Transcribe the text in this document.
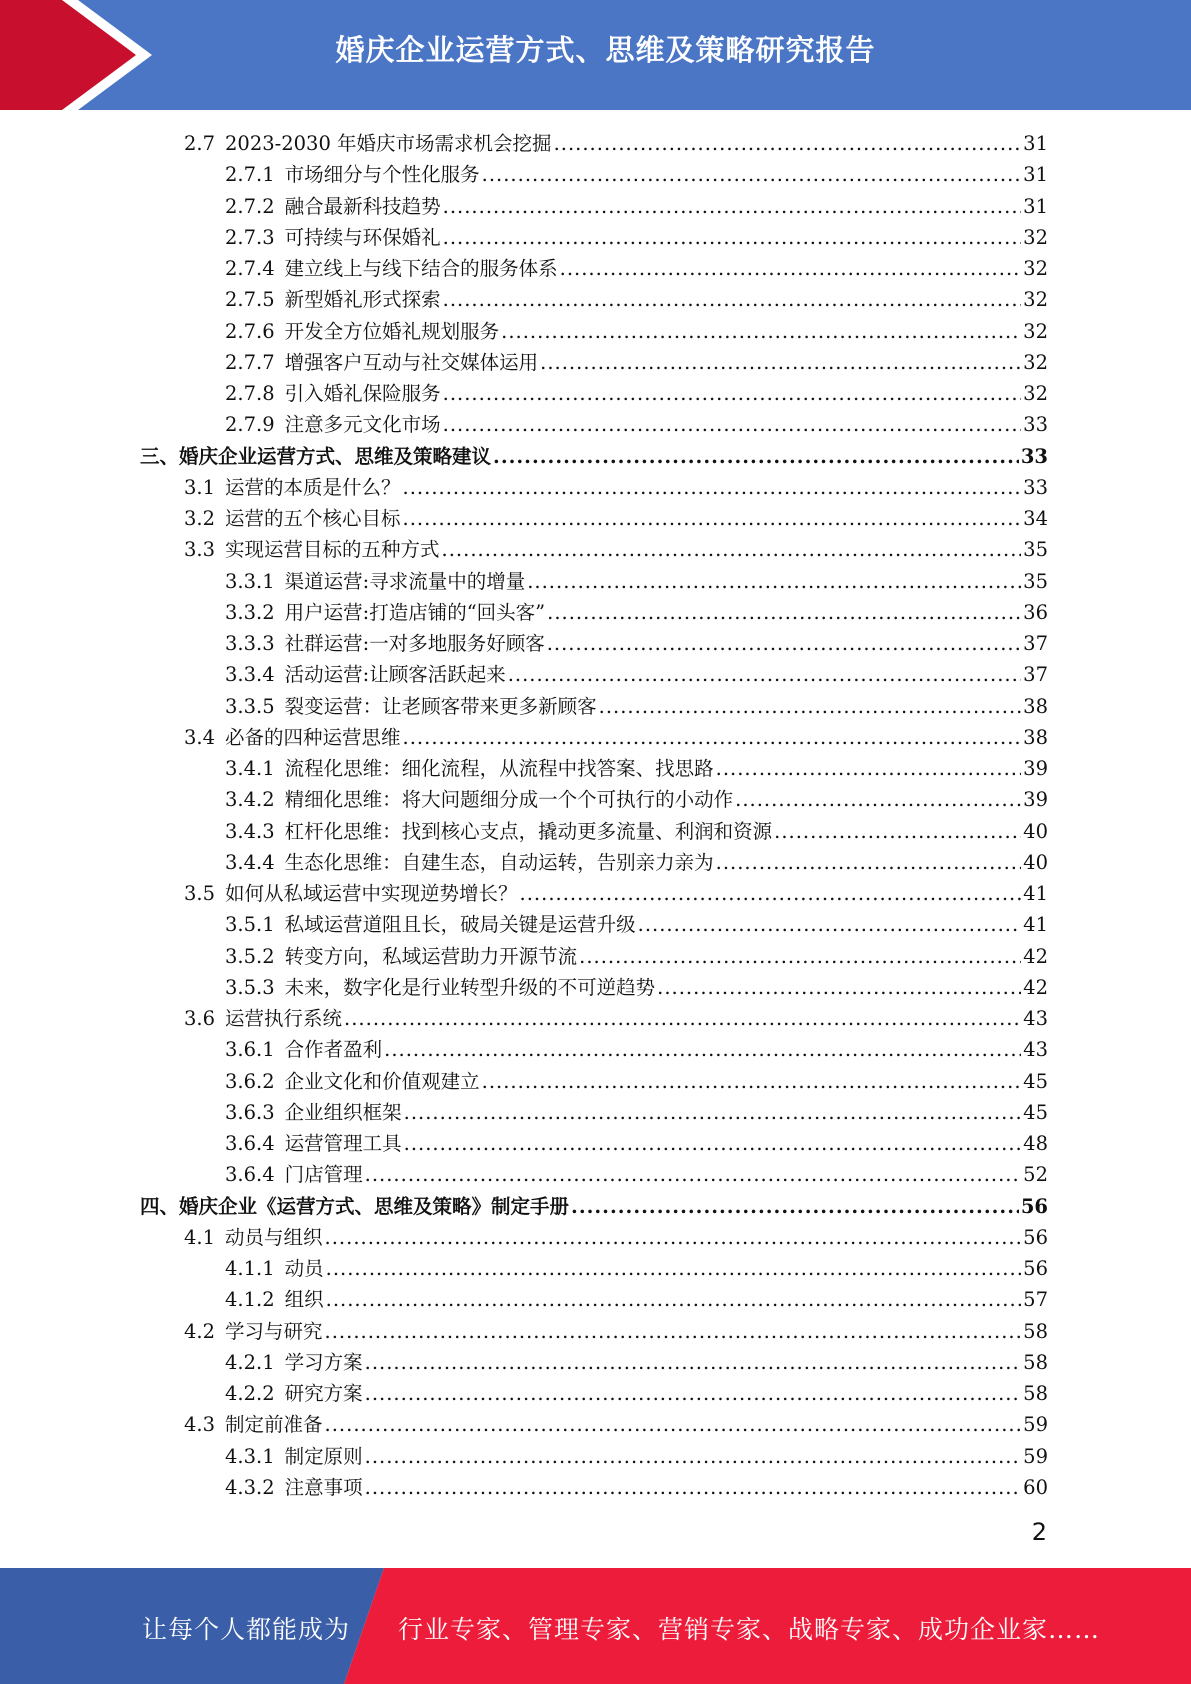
婚庆企业运营方式、思维及策略研究报告
2.7 2023-2030 年婚庆市场需求机会挖掘 .....	31
2.7.1 市场细分与个性化服务 .....	31
2.7.2 融合最新科技趋势 .....	31
2.7.3 可持续与环保婚礼 .....	32
2.7.4 建立线上与线下结合的服务体系 .....	32
2.7.5 新型婚礼形式探索 .....	32
2.7.6 开发全方位婚礼规划服务 .....	32
2.7.7 增强客户互动与社交媒体运用 .....	32
2.7.8 引入婚礼保险服务 .....	32
2.7.9 注意多元文化市场 .....	33
三、 婚庆企业运营方式、思维及策略建议 .....	33
3.1 运营的本质是什么？ .....	33
3.2 运营的五个核心目标 .....	34
3.3 实现运营目标的五种方式 .....	35
3.3.1 渠道运营:寻求流量中的增量 .....	35
3.3.2 用户运营:打造店铺的“回头客” .....	36
3.3.3 社群运营:一对多地服务好顾客 .....	37
3.3.4 活动运营:让顾客活跃起来 .....	37
3.3.5 裂变运营：让老顾客带来更多新顾客 .....	38
3.4 必备的四种运营思维 .....	38
3.4.1 流程化思维：细化流程，从流程中找答案、找思路 .....	39
3.4.2 精细化思维：将大问题细分成一个个可执行的小动作 .....	39
3.4.3 杠杆化思维：找到核心支点，撬动更多流量、利润和资源 .....	40
3.4.4 生态化思维：自建生态，自动运转，告别亲力亲为 .....	40
3.5 如何从私域运营中实现逆势增长？ .....	41
3.5.1 私域运营道阻且长，破局关键是运营升级 .....	41
3.5.2 转变方向，私域运营助力开源节流 .....	42
3.5.3 未来，数字化是行业转型升级的不可逆趋势 .....	42
3.6 运营执行系统 .....	43
3.6.1 合作者盈利 .....	43
3.6.2 企业文化和价值观建立 .....	45
3.6.3 企业组织框架 .....	45
3.6.4 运营管理工具 .....	48
3.6.4 门店管理 .....	52
四、 婚庆企业《运营方式、思维及策略》制定手册 .....	56
4.1 动员与组织 .....	56
4.1.1 动员 .....	56
4.1.2 组织 .....	57
4.2 学习与研究 .....	58
4.2.1 学习方案 .....	58
4.2.2 研究方案 .....	58
4.3 制定前准备 .....	59
4.3.1 制定原则 .....	59
4.3.2 注意事项 .....	60
2
让每个人都能成为 行业专家、管理专家、营销专家、战略专家、成功企业家……
